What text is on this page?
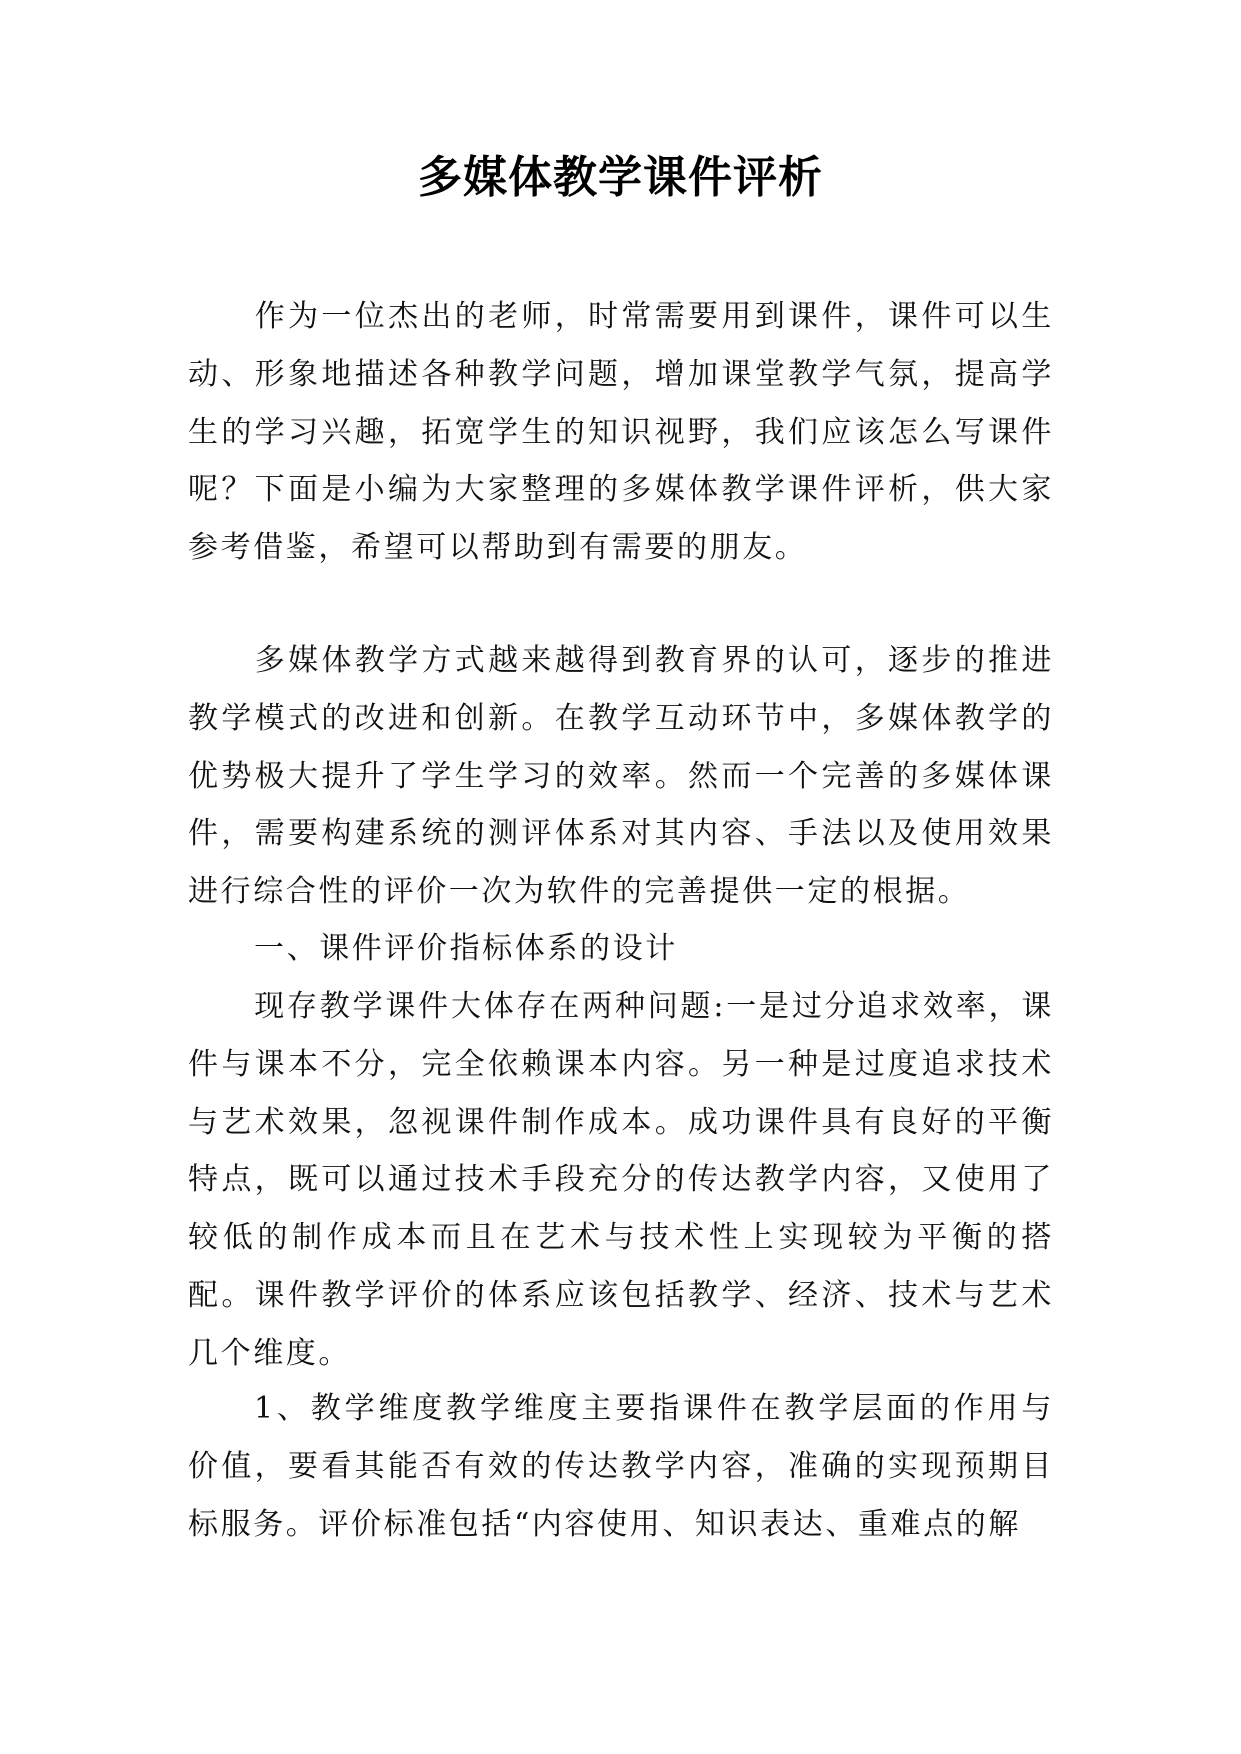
多媒体教学课件评析

作为一位杰出的老师，时常需要用到课件，课件可以生动、形象地描述各种教学问题，增加课堂教学气氛，提高学生的学习兴趣，拓宽学生的知识视野，我们应该怎么写课件呢？下面是小编为大家整理的多媒体教学课件评析，供大家参考借鉴，希望可以帮助到有需要的朋友。

多媒体教学方式越来越得到教育界的认可，逐步的推进教学模式的改进和创新。在教学互动环节中，多媒体教学的优势极大提升了学生学习的效率。然而一个完善的多媒体课件，需要构建系统的测评体系对其内容、手法以及使用效果进行综合性的评价一次为软件的完善提供一定的根据。

一、课件评价指标体系的设计

现存教学课件大体存在两种问题:一是过分追求效率，课件与课本不分，完全依赖课本内容。另一种是过度追求技术与艺术效果，忽视课件制作成本。成功课件具有良好的平衡特点，既可以通过技术手段充分的传达教学内容，又使用了较低的制作成本而且在艺术与技术性上实现较为平衡的搭配。课件教学评价的体系应该包括教学、经济、技术与艺术几个维度。

1、教学维度教学维度主要指课件在教学层面的作用与价值，要看其能否有效的传达教学内容，准确的实现预期目标服务。评价标准包括“内容使用、知识表达、重难点的解
